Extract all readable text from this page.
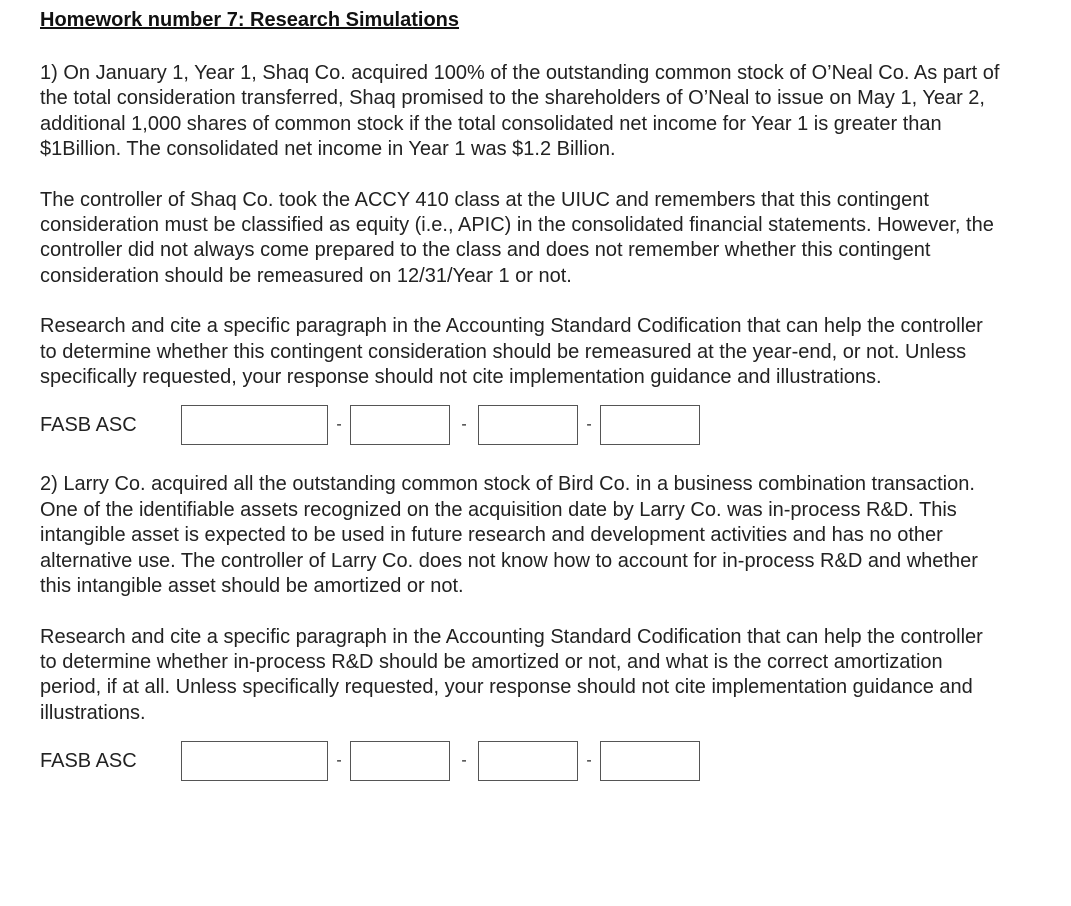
Homework number 7: Research Simulations

1) On January 1, Year 1, Shaq Co. acquired 100% of the outstanding common stock of O’Neal Co. As part of the total consideration transferred, Shaq promised to the shareholders of O’Neal to issue on May 1, Year 2, additional 1,000 shares of common stock if the total consolidated net income for Year 1 is greater than $1Billion. The consolidated net income in Year 1 was $1.2 Billion.

The controller of Shaq Co. took the ACCY 410 class at the UIUC and remembers that this contingent consideration must be classified as equity (i.e., APIC) in the consolidated financial statements. However, the controller did not always come prepared to the class and does not remember whether this contingent consideration should be remeasured on 12/31/Year 1 or not.

Research and cite a specific paragraph in the Accounting Standard Codification that can help the controller to determine whether this contingent consideration should be remeasured at the year-end, or not. Unless specifically requested, your response should not cite implementation guidance and illustrations.

FASB ASC	-	-	-

2) Larry Co. acquired all the outstanding common stock of Bird Co. in a business combination transaction. One of the identifiable assets recognized on the acquisition date by Larry Co. was in-process R&D. This intangible asset is expected to be used in future research and development activities and has no other alternative use. The controller of Larry Co. does not know how to account for in-process R&D and whether this intangible asset should be amortized or not.

Research and cite a specific paragraph in the Accounting Standard Codification that can help the controller to determine whether in-process R&D should be amortized or not, and what is the correct amortization period, if at all. Unless specifically requested, your response should not cite implementation guidance and illustrations.

FASB ASC	-	-	-
